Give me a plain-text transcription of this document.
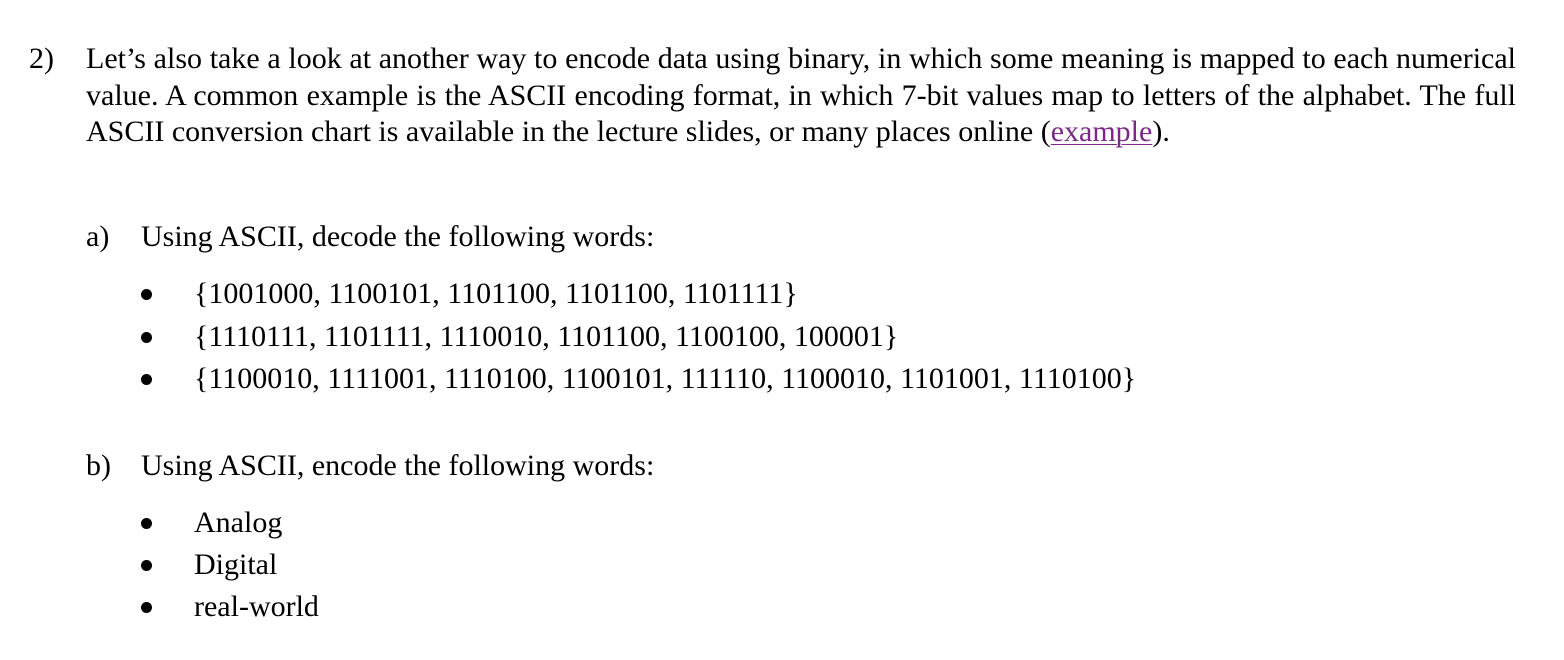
2) Let’s also take a look at another way to encode data using binary, in which some meaning is mapped to each numerical value. A common example is the ASCII encoding format, in which 7-bit values map to letters of the alphabet. The full ASCII conversion chart is available in the lecture slides, or many places online (example).
a) Using ASCII, decode the following words:
{1001000, 1100101, 1101100, 1101100, 1101111}
{1110111, 1101111, 1110010, 1101100, 1100100, 100001}
{1100010, 1111001, 1110100, 1100101, 111110, 1100010, 1101001, 1110100}
b) Using ASCII, encode the following words:
Analog
Digital
real-world
